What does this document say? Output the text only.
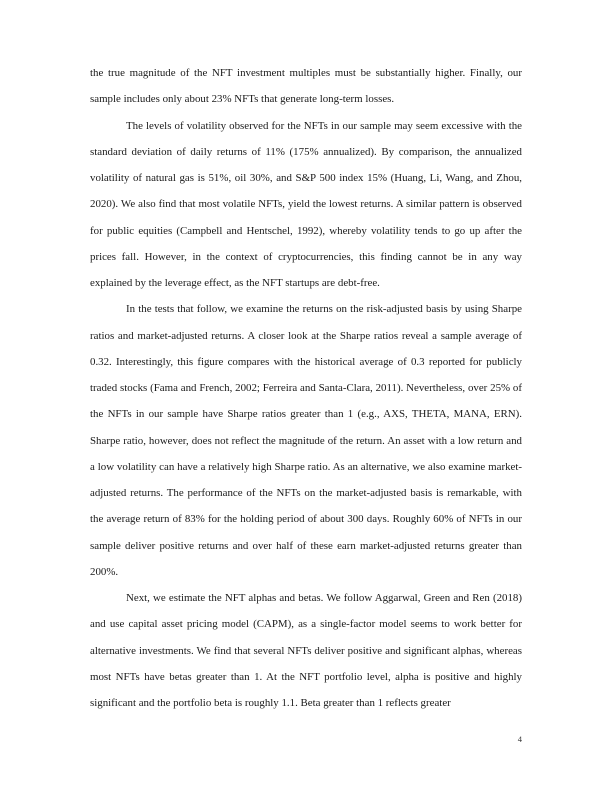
the true magnitude of the NFT investment multiples must be substantially higher. Finally, our sample includes only about 23% NFTs that generate long-term losses.

The levels of volatility observed for the NFTs in our sample may seem excessive with the standard deviation of daily returns of 11% (175% annualized). By comparison, the annualized volatility of natural gas is 51%, oil 30%, and S&P 500 index 15% (Huang, Li, Wang, and Zhou, 2020). We also find that most volatile NFTs, yield the lowest returns. A similar pattern is observed for public equities (Campbell and Hentschel, 1992), whereby volatility tends to go up after the prices fall. However, in the context of cryptocurrencies, this finding cannot be in any way explained by the leverage effect, as the NFT startups are debt-free.

In the tests that follow, we examine the returns on the risk-adjusted basis by using Sharpe ratios and market-adjusted returns. A closer look at the Sharpe ratios reveal a sample average of 0.32. Interestingly, this figure compares with the historical average of 0.3 reported for publicly traded stocks (Fama and French, 2002; Ferreira and Santa-Clara, 2011). Nevertheless, over 25% of the NFTs in our sample have Sharpe ratios greater than 1 (e.g., AXS, THETA, MANA, ERN). Sharpe ratio, however, does not reflect the magnitude of the return. An asset with a low return and a low volatility can have a relatively high Sharpe ratio. As an alternative, we also examine market-adjusted returns. The performance of the NFTs on the market-adjusted basis is remarkable, with the average return of 83% for the holding period of about 300 days. Roughly 60% of NFTs in our sample deliver positive returns and over half of these earn market-adjusted returns greater than 200%.

Next, we estimate the NFT alphas and betas. We follow Aggarwal, Green and Ren (2018) and use capital asset pricing model (CAPM), as a single-factor model seems to work better for alternative investments. We find that several NFTs deliver positive and significant alphas, whereas most NFTs have betas greater than 1. At the NFT portfolio level, alpha is positive and highly significant and the portfolio beta is roughly 1.1. Beta greater than 1 reflects greater

4
